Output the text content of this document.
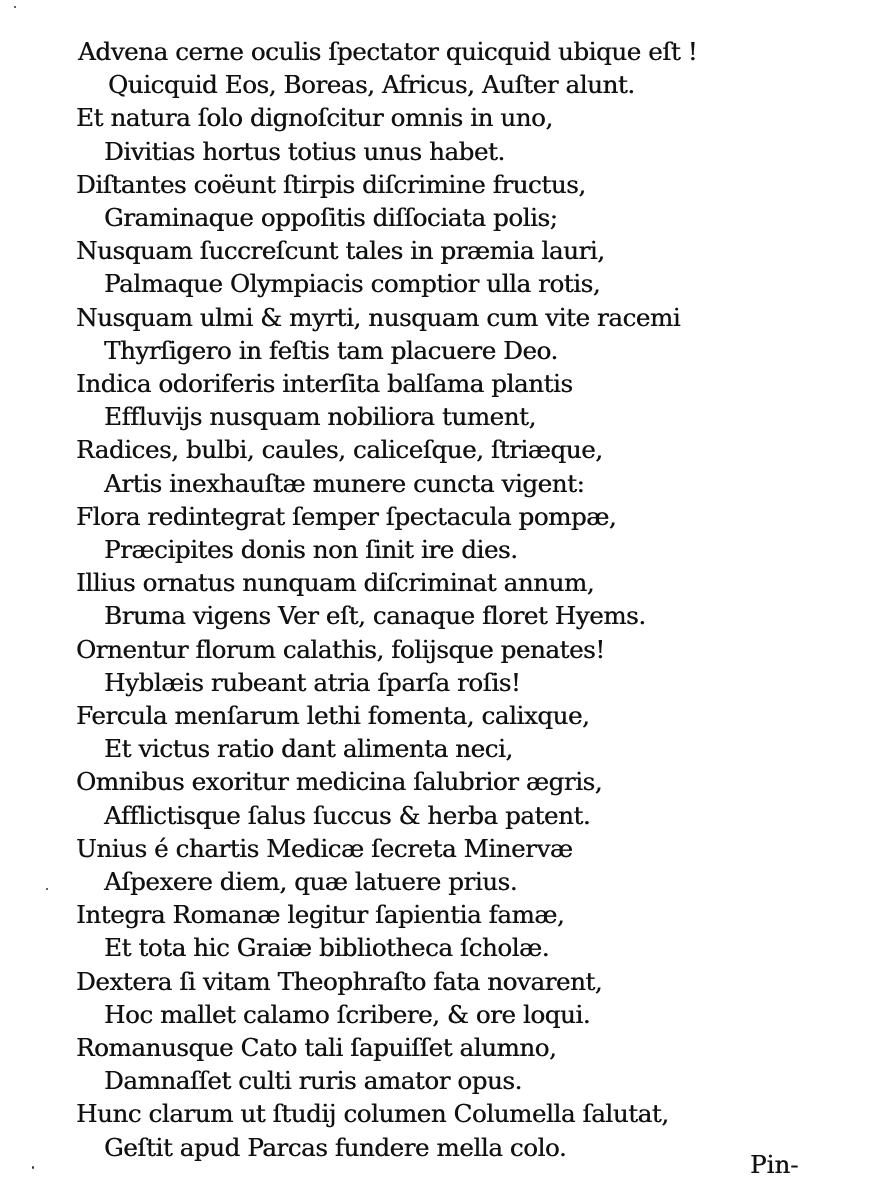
Advena cerne oculis ſpectator quicquid ubique eſt !
Quicquid Eos, Boreas, Africus, Auſter alunt.
Et natura ſolo dignoſcitur omnis in uno,
Divitias hortus totius unus habet.
Diſtantes coëunt ſtirpis diſcrimine fructus,
Graminaque oppoſitis diſſociata polis;
Nusquam ſuccreſcunt tales in præmia lauri,
Palmaque Olympiacis comptior ulla rotis,
Nusquam ulmi & myrti, nusquam cum vite racemi
Thyrſigero in feſtis tam placuere Deo.
Indica odoriferis interſita balſama plantis
Effluvijs nusquam nobiliora tument,
Radices, bulbi, caules, caliceſque, ſtriæque,
Artis inexhauſtæ munere cuncta vigent:
Flora redintegrat ſemper ſpectacula pompæ,
Præcipites donis non ſinit ire dies.
Illius ornatus nunquam diſcriminat annum,
Bruma vigens Ver eſt, canaque floret Hyems.
Ornentur florum calathis, folijsque penates!
Hyblæis rubeant atria ſparſa roſis!
Fercula menſarum lethi fomenta, calixque,
Et victus ratio dant alimenta neci,
Omnibus exoritur medicina ſalubrior ægris,
Afflictisque ſalus ſuccus & herba patent.
Unius é chartis Medicæ ſecreta Minervæ
Aſpexere diem, quæ latuere prius.
Integra Romanæ legitur ſapientia famæ,
Et tota hic Graiæ bibliotheca ſcholæ.
Dextera ſi vitam Theophraſto fata novarent,
Hoc mallet calamo ſcribere, & ore loqui.
Romanusque Cato tali ſapuiſſet alumno,
Damnaſſet culti ruris amator opus.
Hunc clarum ut ſtudij columen Columella ſalutat,
Geſtit apud Parcas fundere mella colo.
Pin-
